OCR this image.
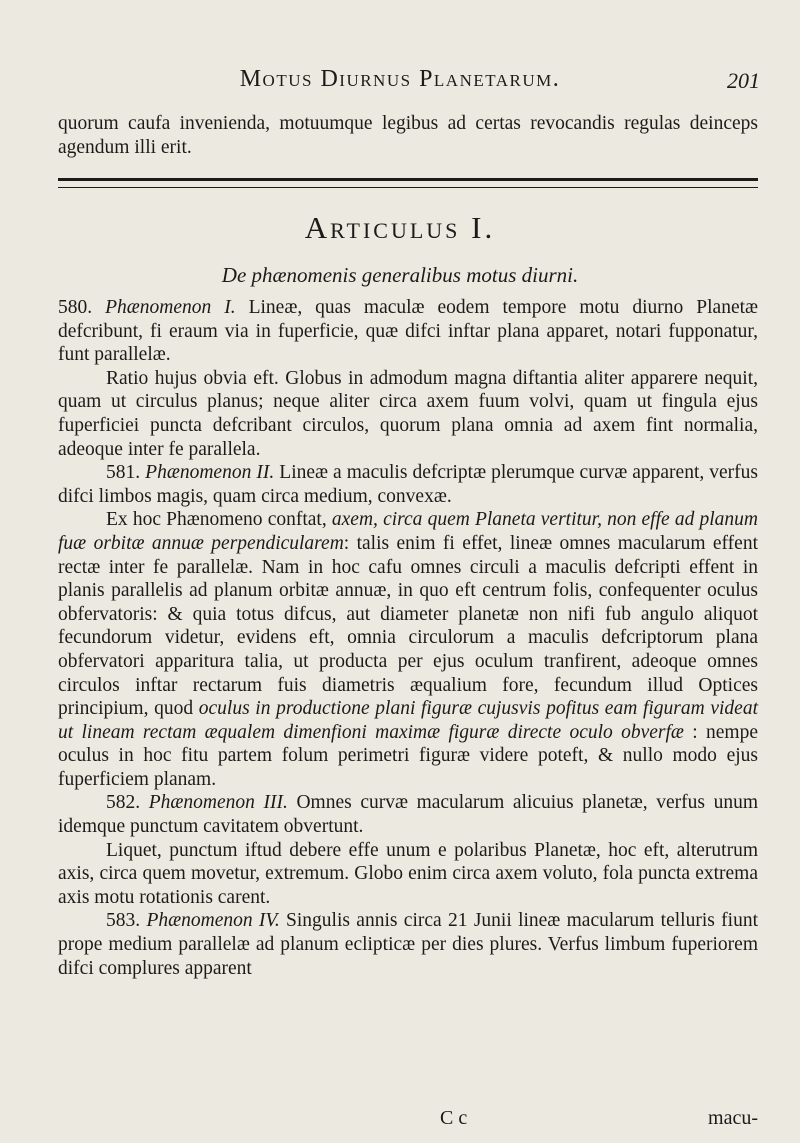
Motus Diurnus Planetarum.	201

quorum caufa invenienda, motuumque legibus ad certas revocandis regulas deinceps agendum illi erit.

Articulus I.
De phænomenis generalibus motus diurni.

580. Phænomenon I. Lineæ, quas maculæ eodem tempore motu diurno Planetæ defcribunt, fi eraum via in fuperficie, quæ difci inftar plana apparet, notari fupponatur, funt parallelæ.

Ratio hujus obvia eft. Globus in admodum magna diftantia aliter apparere nequit, quam ut circulus planus; neque aliter circa axem fuum volvi, quam ut fingula ejus fuperficiei puncta defcribant circulos, quorum plana omnia ad axem fint normalia, adeoque inter fe parallela.

581. Phænomenon II. Lineæ a maculis defcriptæ plerumque curvæ apparent, verfus difci limbos magis, quam circa medium, convexæ.

Ex hoc Phænomeno conftat, axem, circa quem Planeta vertitur, non effe ad planum fuæ orbitæ annuæ perpendicularem: talis enim fi effet, lineæ omnes macularum effent rectæ inter fe parallelæ. Nam in hoc cafu omnes circuli a maculis defcripti effent in planis parallelis ad planum orbitæ annuæ, in quo eft centrum folis, confequenter oculus obfervatoris: & quia totus difcus, aut diameter planetæ non nifi fub angulo aliquot fecundorum videtur, evidens eft, omnia circulorum a maculis defcriptorum plana obfervatori apparitura talia, ut producta per ejus oculum tranfirent, adeoque omnes circulos inftar rectarum fuis diametris æqualium fore, fecundum illud Optices principium, quod oculus in productione plani figuræ cujusvis pofitus eam figuram videat ut lineam rectam æqualem dimenfioni maximæ figuræ directe oculo obverfæ : nempe oculus in hoc fitu partem folum perimetri figuræ videre poteft, & nullo modo ejus fuperficiem planam.

582. Phænomenon III. Omnes curvæ macularum alicuius planetæ, verfus unum idemque punctum cavitatem obvertunt.

Liquet, punctum iftud debere effe unum e polaribus Planetæ, hoc eft, alterutrum axis, circa quem movetur, extremum. Globo enim circa axem voluto, fola puncta extrema axis motu rotationis carent.

583. Phænomenon IV. Singulis annis circa 21 Junii lineæ macularum telluris fiunt prope medium parallelæ ad planum eclipticæ per dies plures. Verfus limbum fuperiorem difci complures apparent

C c	macu-
